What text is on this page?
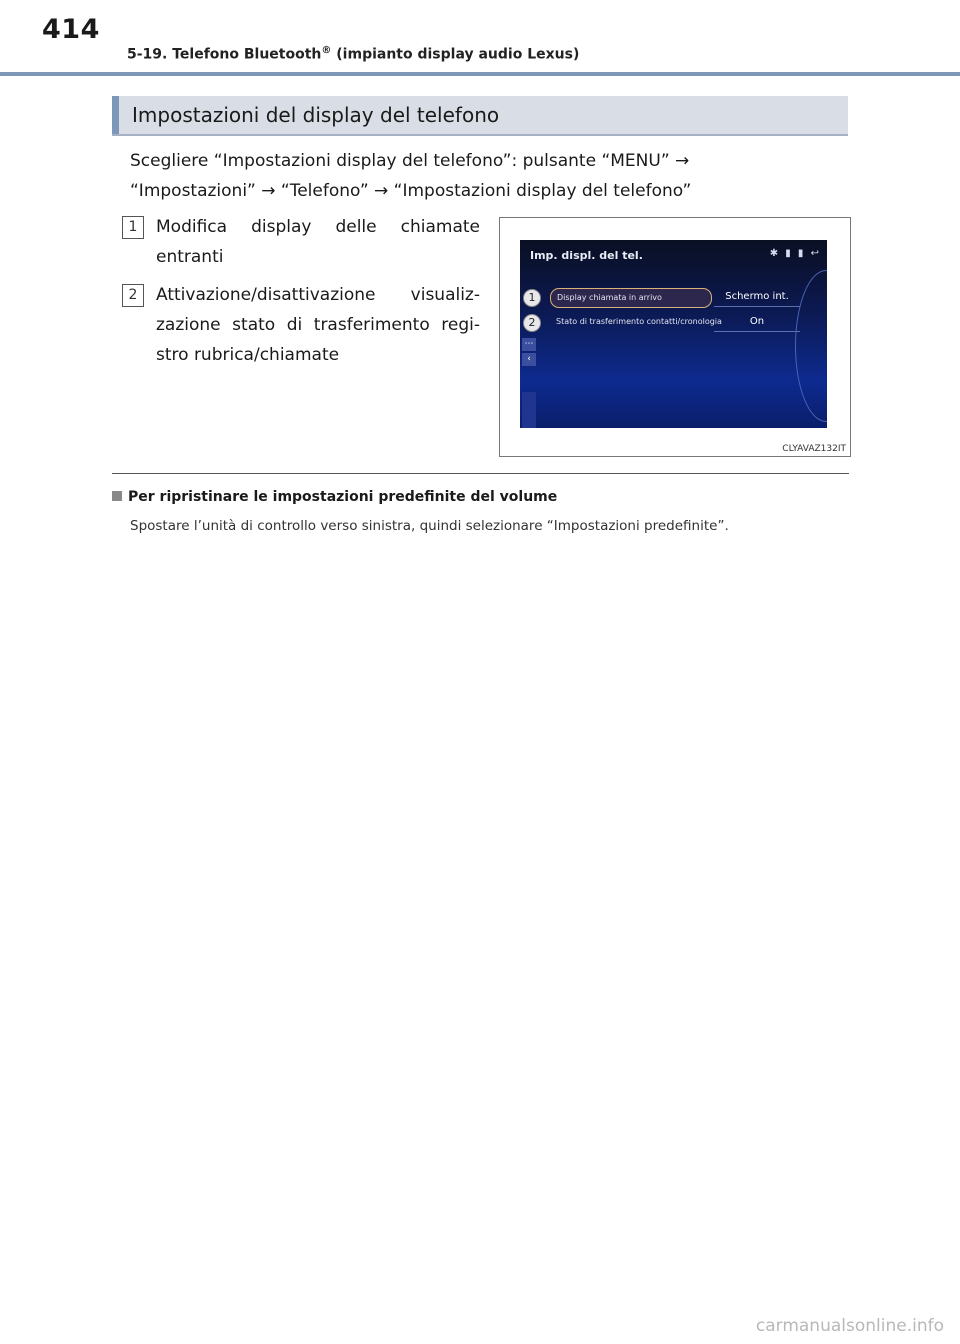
414
5-19. Telefono Bluetooth® (impianto display audio Lexus)
Impostazioni del display del telefono
Scegliere “Impostazioni display del telefono”: pulsante “MENU” →
“Impostazioni” → “Telefono” → “Impostazioni display del telefono”
1	Modifica display delle chiamate entranti
2	Attivazione/disattivazione visualiz-zazione stato di trasferimento regi-stro rubrica/chiamate
Imp. displ. del tel.	✱ ▮ ▮ ↩
1	Display chiamata in arrivo	Schermo int.
2	Stato di trasferimento contatti/cronologia	On
⋯
‹
CLYAVAZ132IT
Per ripristinare le impostazioni predefinite del volume
Spostare l’unità di controllo verso sinistra, quindi selezionare “Impostazioni predefinite”.
carmanualsonline.info
